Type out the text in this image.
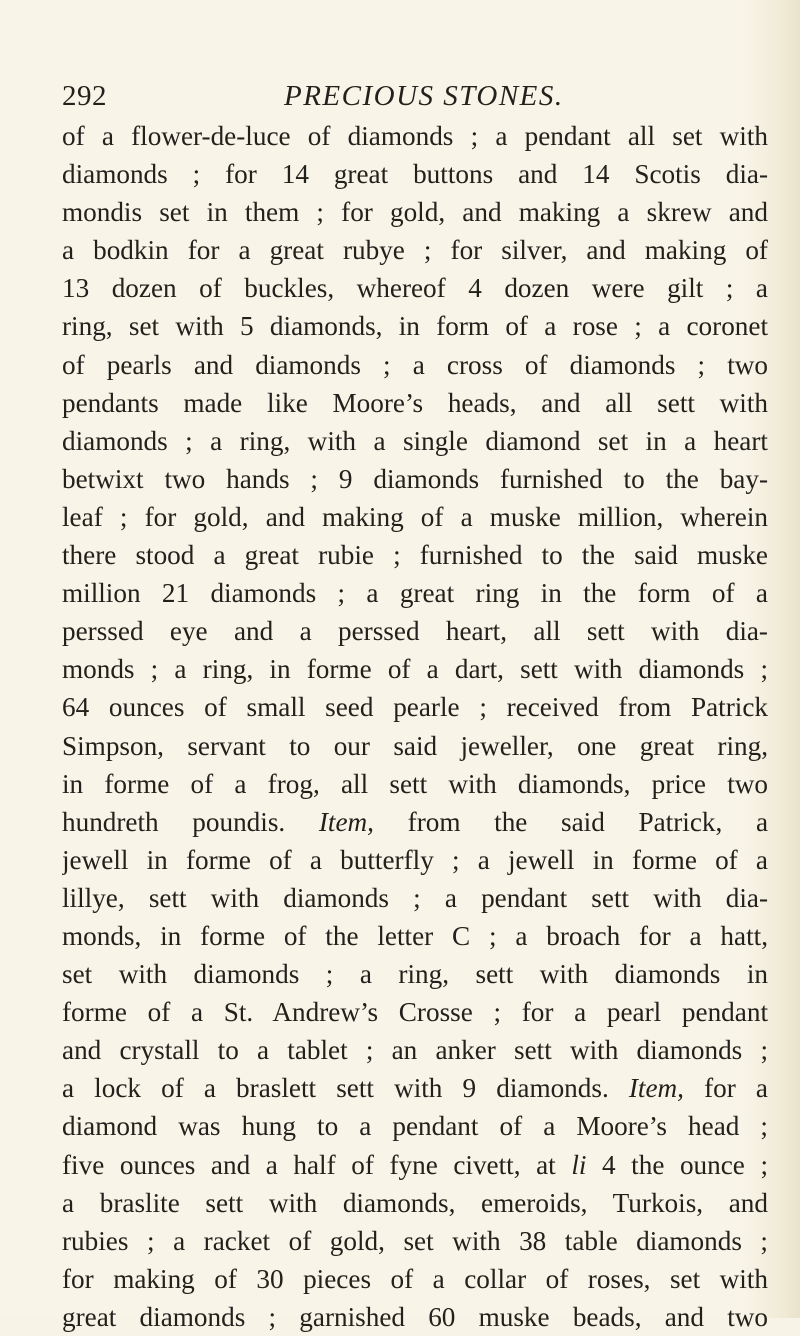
292	PRECIOUS STONES.
of a flower-de-luce of diamonds ; a pendant all set with
diamonds ; for 14 great buttons and 14 Scotis dia-
mondis set in them ; for gold, and making a skrew and
a bodkin for a great rubye ; for silver, and making of
13 dozen of buckles, whereof 4 dozen were gilt ; a
ring, set with 5 diamonds, in form of a rose ; a coronet
of pearls and diamonds ; a cross of diamonds ; two
pendants made like Moore’s heads, and all sett with
diamonds ; a ring, with a single diamond set in a heart
betwixt two hands ; 9 diamonds furnished to the bay-
leaf ; for gold, and making of a muske million, wherein
there stood a great rubie ; furnished to the said muske
million 21 diamonds ; a great ring in the form of a
perssed eye and a perssed heart, all sett with dia-
monds ; a ring, in forme of a dart, sett with diamonds ;
64 ounces of small seed pearle ; received from Patrick
Simpson, servant to our said jeweller, one great ring,
in forme of a frog, all sett with diamonds, price two
hundreth poundis. Item, from the said Patrick, a
jewell in forme of a butterfly ; a jewell in forme of a
lillye, sett with diamonds ; a pendant sett with dia-
monds, in forme of the letter C ; a broach for a hatt,
set with diamonds ; a ring, sett with diamonds in
forme of a St. Andrew’s Crosse ; for a pearl pendant
and crystall to a tablet ; an anker sett with diamonds ;
a lock of a braslett sett with 9 diamonds. Item, for a
diamond was hung to a pendant of a Moore’s head ;
five ounces and a half of fyne civett, at li 4 the ounce ;
a braslite sett with diamonds, emeroids, Turkois, and
rubies ; a racket of gold, set with 38 table diamonds ;
for making of 30 pieces of a collar of roses, set with
great diamonds ; garnished 60 muske beads, and two
